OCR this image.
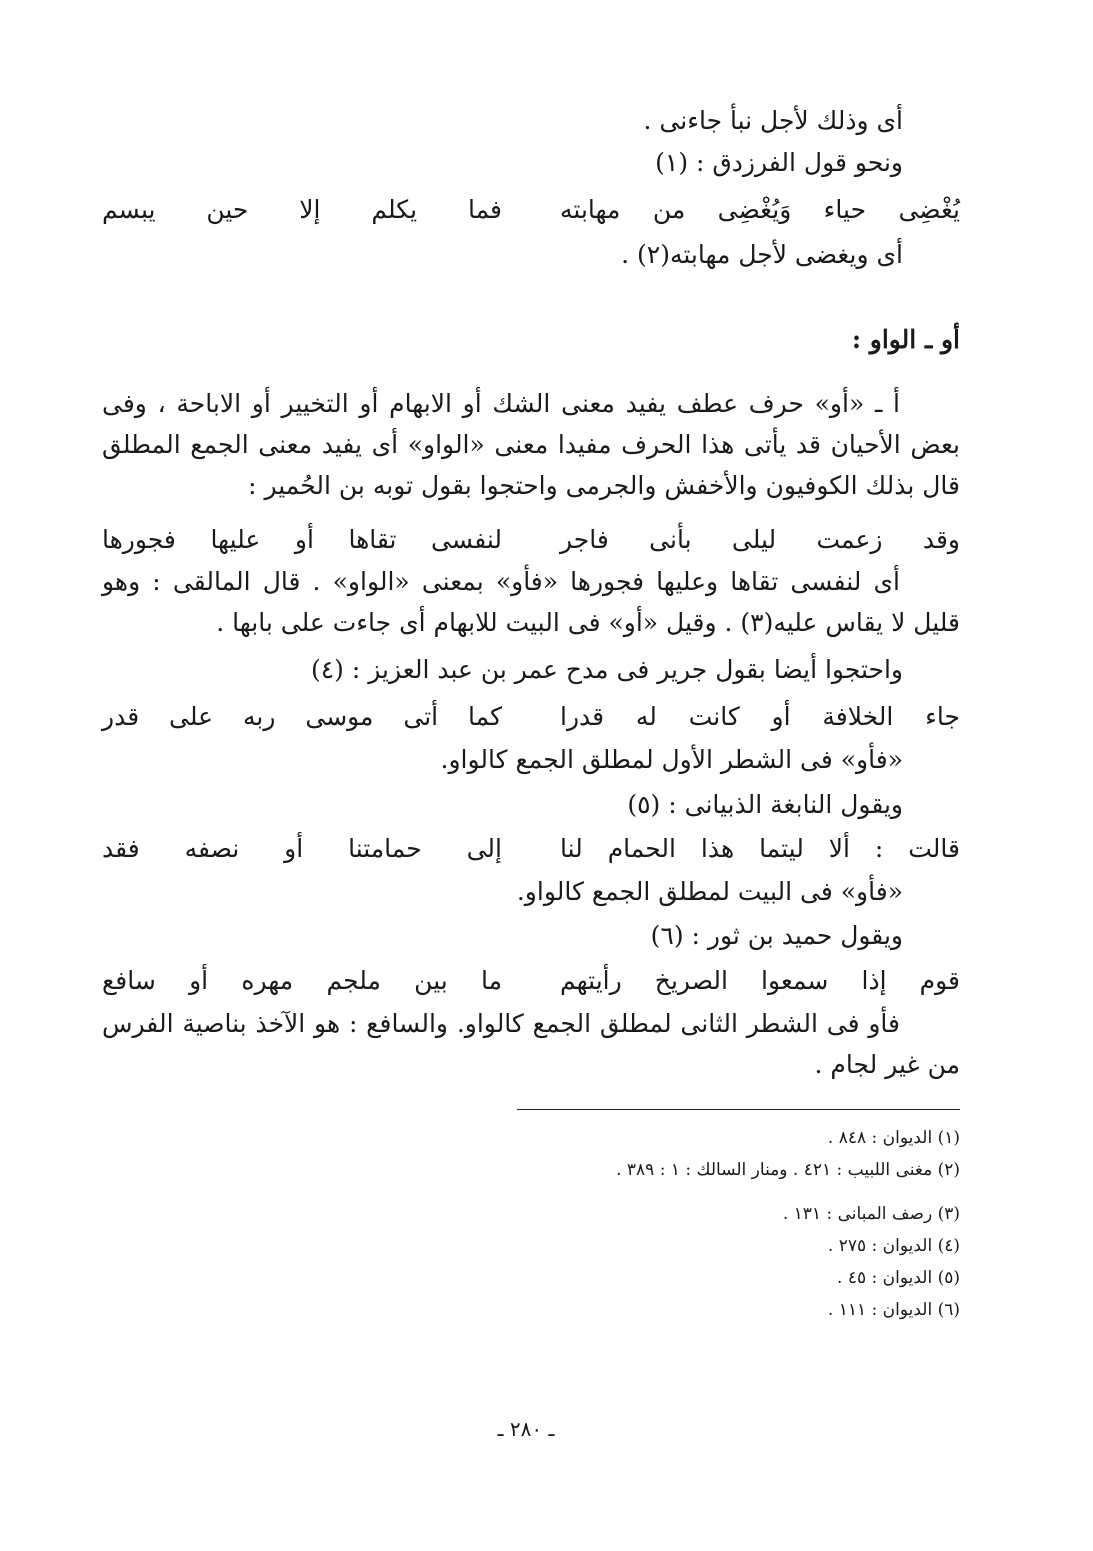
أى وذلك لأجل نبأ جاءنى .
ونحو قول الفرزدق : (١)
يُغْضِى حياء وَيُغْضِى من مهابته
فما يكلم إلا حين يبسم
أى ويغضى لأجل مهابته(٢) .
أو ـ الواو :
أ ـ «أو» حرف عطف يفيد معنى الشك أو الابهام أو التخيير أو الاباحة ، وفى بعض الأحيان قد يأتى هذا الحرف مفيدا معنى «الواو» أى يفيد معنى الجمع المطلق قال بذلك الكوفيون والأخفش والجرمى واحتجوا بقول توبه بن الحُمير :
وقد زعمت ليلى بأنى فاجر
لنفسى تقاها أو عليها فجورها
أى لنفسى تقاها وعليها فجورها «فأو» بمعنى «الواو» . قال المالقى : وهو قليل لا يقاس عليه(٣) . وقيل «أو» فى البيت للابهام أى جاءت على بابها .
واحتجوا أيضا بقول جرير فى مدح عمر بن عبد العزيز : (٤)
جاء الخلافة أو كانت له قدرا
كما أتى موسى ربه على قدر
«فأو» فى الشطر الأول لمطلق الجمع كالواو.
ويقول النابغة الذبيانى : (٥)
قالت : ألا ليتما هذا الحمام لنا
إلى حمامتنا أو نصفه فقد
«فأو» فى البيت لمطلق الجمع كالواو.
ويقول حميد بن ثور : (٦)
قوم إذا سمعوا الصريخ رأيتهم
ما بين ملجم مهره أو سافع
فأو فى الشطر الثانى لمطلق الجمع كالواو. والسافع : هو الآخذ بناصية الفرس من غير لجام .
(١) الديوان : ٨٤٨ .
(٢) مغنى اللبيب : ٤٢١ . ومنار السالك : ١ : ٣٨٩ .
(٣) رصف المبانى : ١٣١ .
(٤) الديوان : ٢٧٥ .
(٥) الديوان : ٤٥ .
(٦) الديوان : ١١١ .
ـ ٢٨٠ ـ
